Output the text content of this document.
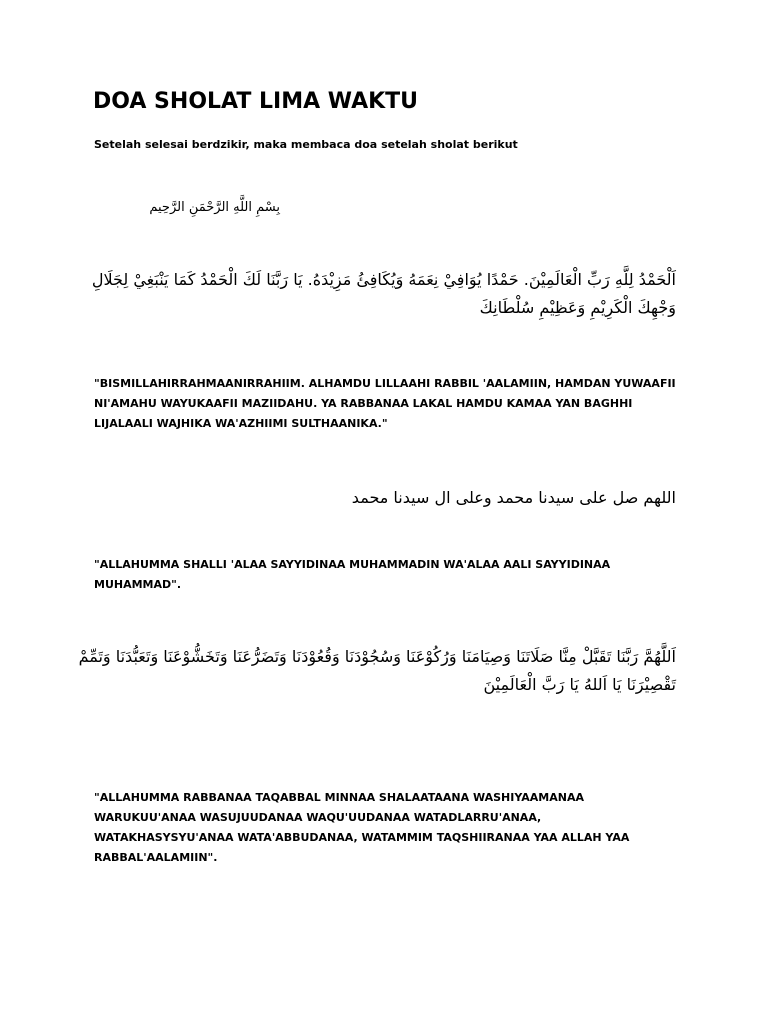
DOA SHOLAT LIMA WAKTU
Setelah selesai berdzikir, maka membaca doa setelah sholat berikut
بِسْمِ اللَّهِ الرَّحْمَنِ الرَّحِيم
اَلْحَمْدُ لِلَّهِ رَبِّ الْعَالَمِيْنَ. حَمْدًا يُوَافِيْ نِعَمَهُ وَيُكَافِئُ مَزِيْدَهُ. يَا رَبَّنَا لَكَ الْحَمْدُ كَمَا يَنْبَغِيْ لِجَلَالِ وَجْهِكَ الْكَرِيْمِ وَعَظِيْمِ سُلْطَانِكَ
"BISMILLAHIRRAHMAANIRRAHIIM. ALHAMDU LILLAAHI RABBIL 'AALAMIIN, HAMDAN YUWAAFII NI'AMAHU WAYUKAAFII MAZIIDAHU. YA RABBANAA LAKAL HAMDU KAMAA YAN BAGHHI LIJALAALI WAJHIKA WA'AZHIIMI SULTHAANIKA."
اللهم صل على سيدنا محمد وعلى ال سيدنا محمد
"ALLAHUMMA SHALLI 'ALAA SAYYIDINAA MUHAMMADIN WA'ALAA AALI SAYYIDINAA MUHAMMAD".
اَللَّهُمَّ رَبَّنَا تَقَبَّلْ مِنَّا صَلَاتَنَا وَصِيَامَنَا وَرُكُوْعَنَا وَسُجُوْدَنَا وَقُعُوْدَنَا وَتَضَرُّعَنَا وَتَخَشُّوْعَنَا وَتَعَبُّدَنَا وَتَمِّمْ تَقْصِيْرَنَا يَا اَللهُ يَا رَبَّ الْعَالَمِيْنَ
"ALLAHUMMA RABBANAA TAQABBAL MINNAA SHALAATAANA WASHIYAAMANAA WARUKUU'ANAA WASUJUUDANAA WAQU'UUDANAA WATADLARRU'ANAA, WATAKHASYSYU'ANAA WATA'ABBUDANAA, WATAMMIM TAQSHIIRANAA YAA ALLAH YAA RABBAL'AALAMIIN".
